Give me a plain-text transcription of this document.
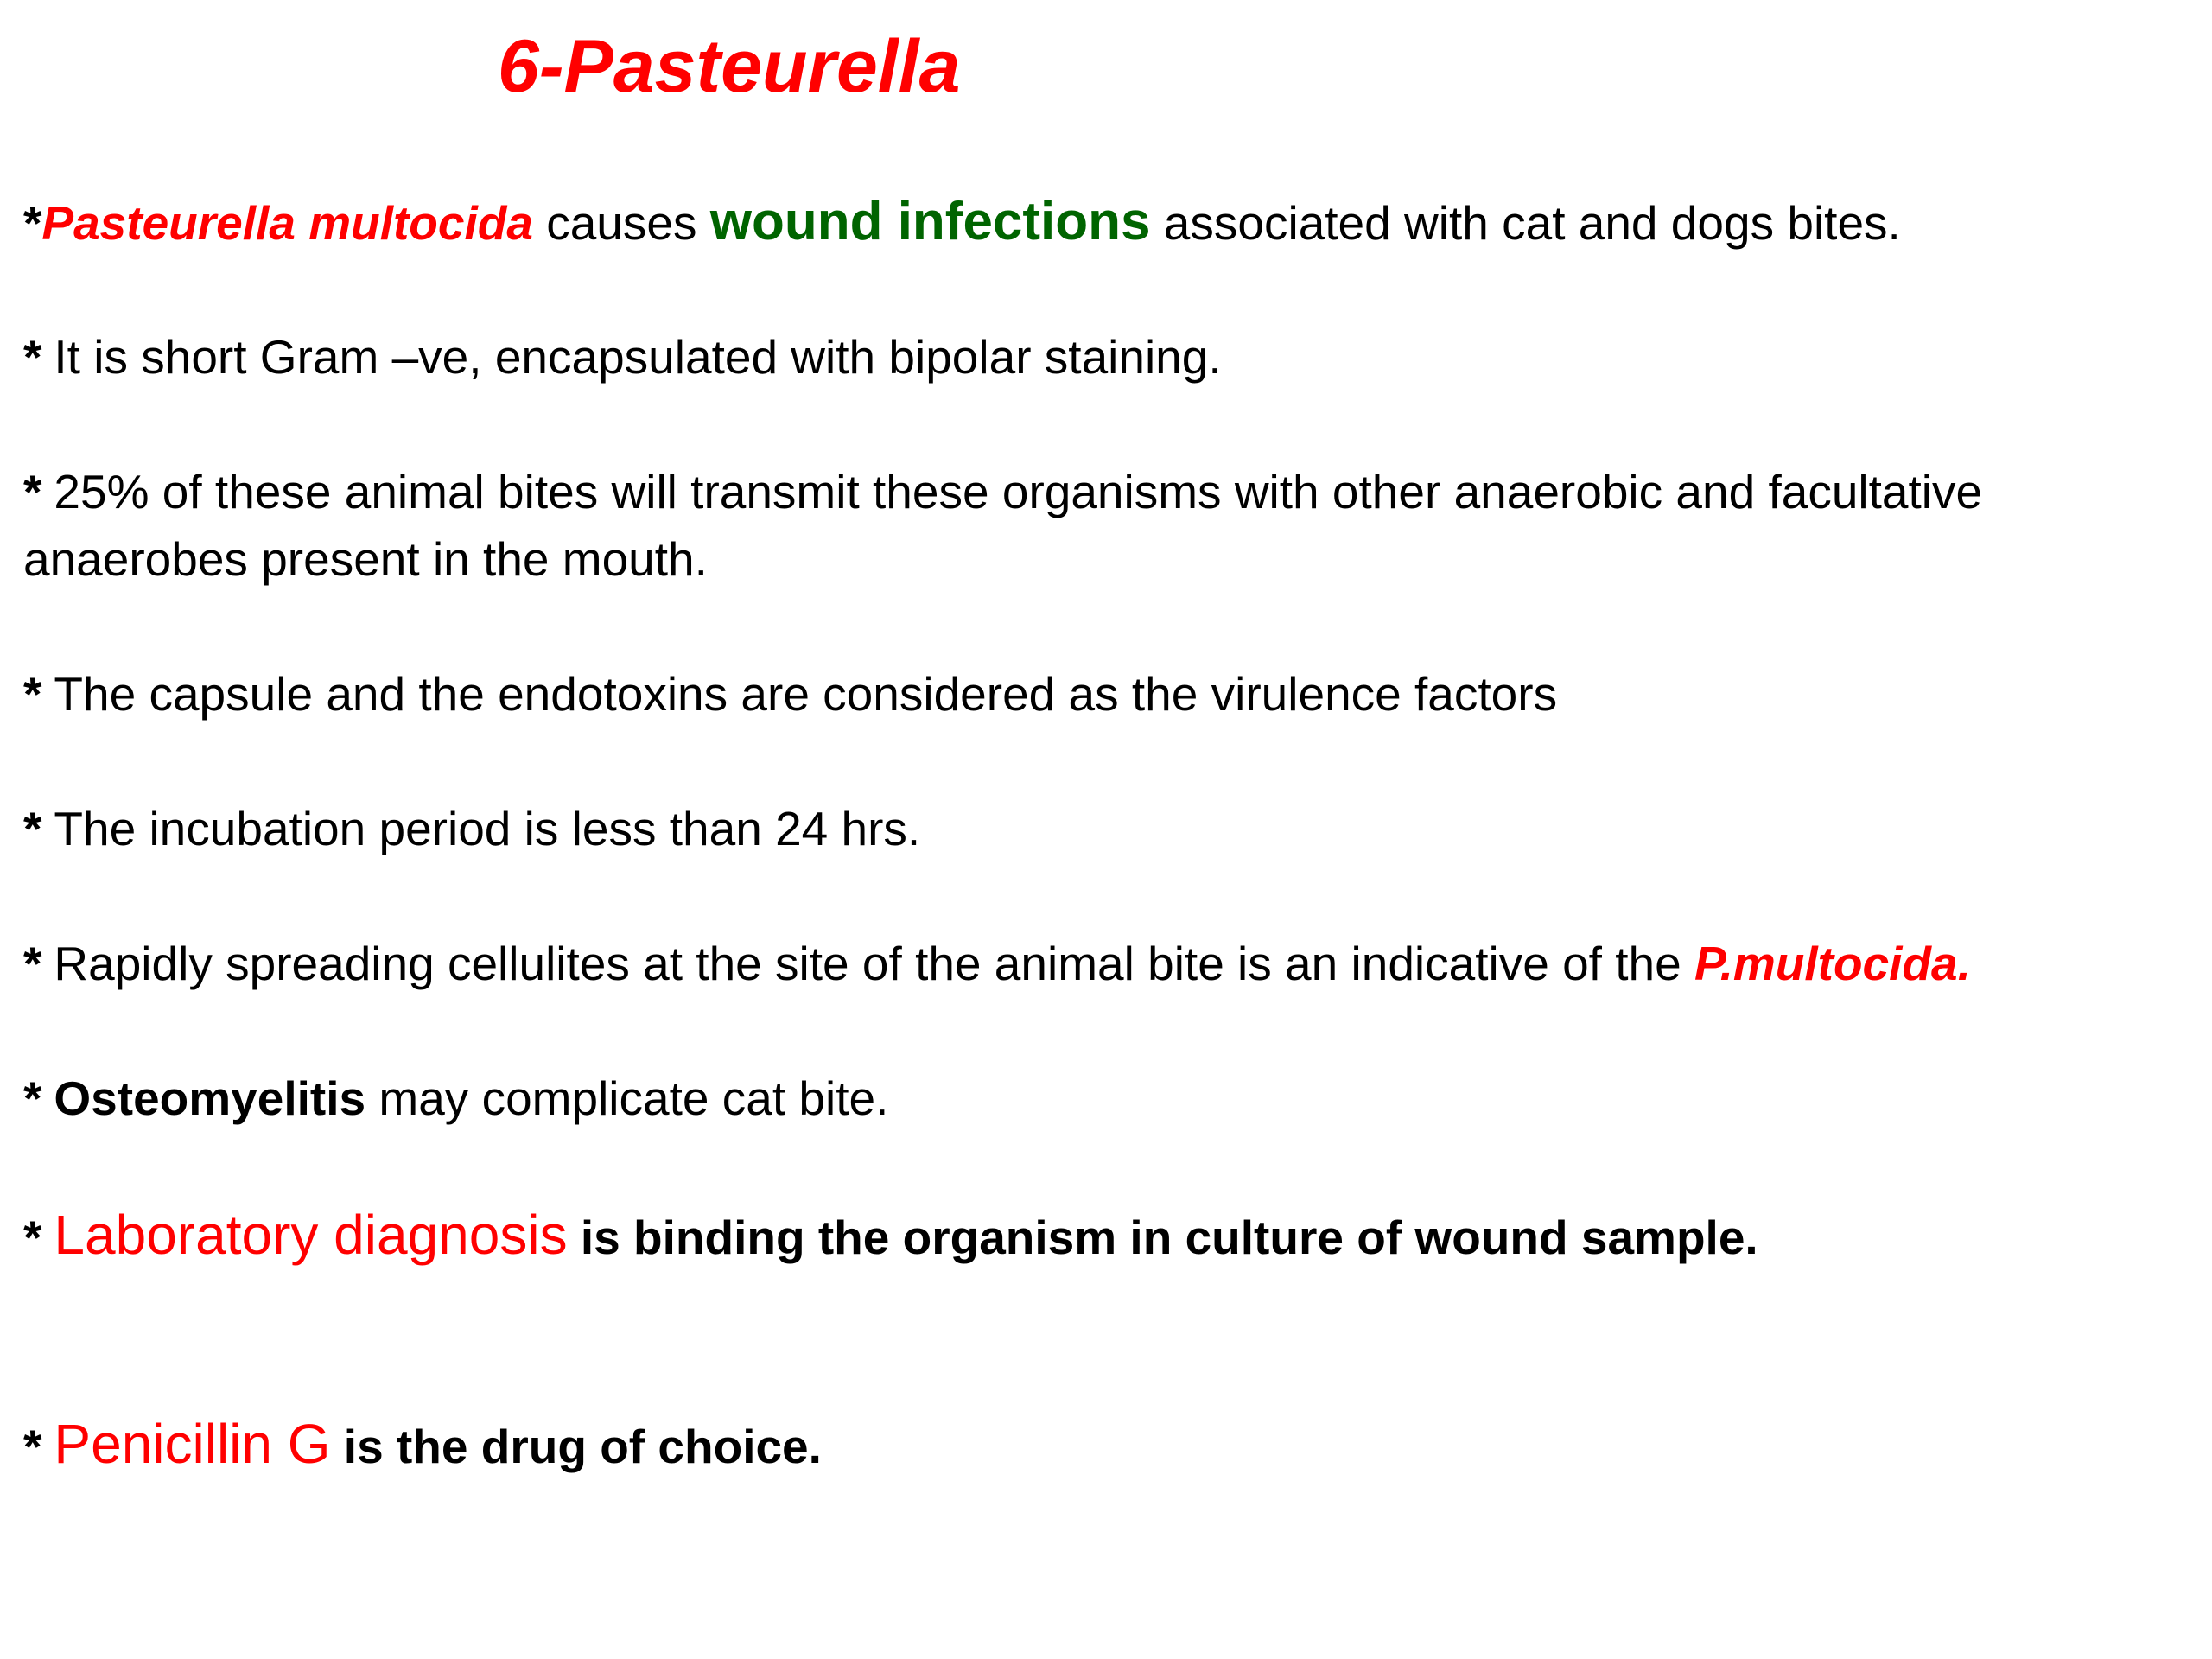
6-Pasteurella
*Pasteurella multocida causes wound infections associated with cat and dogs bites.
* It is short Gram –ve, encapsulated with bipolar staining.
* 25% of these animal bites will transmit these organisms with other anaerobic and facultative anaerobes present in the mouth.
* The capsule and the endotoxins are considered as the virulence factors
* The incubation period is less than 24 hrs.
* Rapidly spreading cellulites at the site of the animal bite is an indicative of the P.multocida.
* Osteomyelitis may complicate cat bite.
* Laboratory diagnosis is binding the organism in culture of wound sample.
* Penicillin G is the drug of choice.
